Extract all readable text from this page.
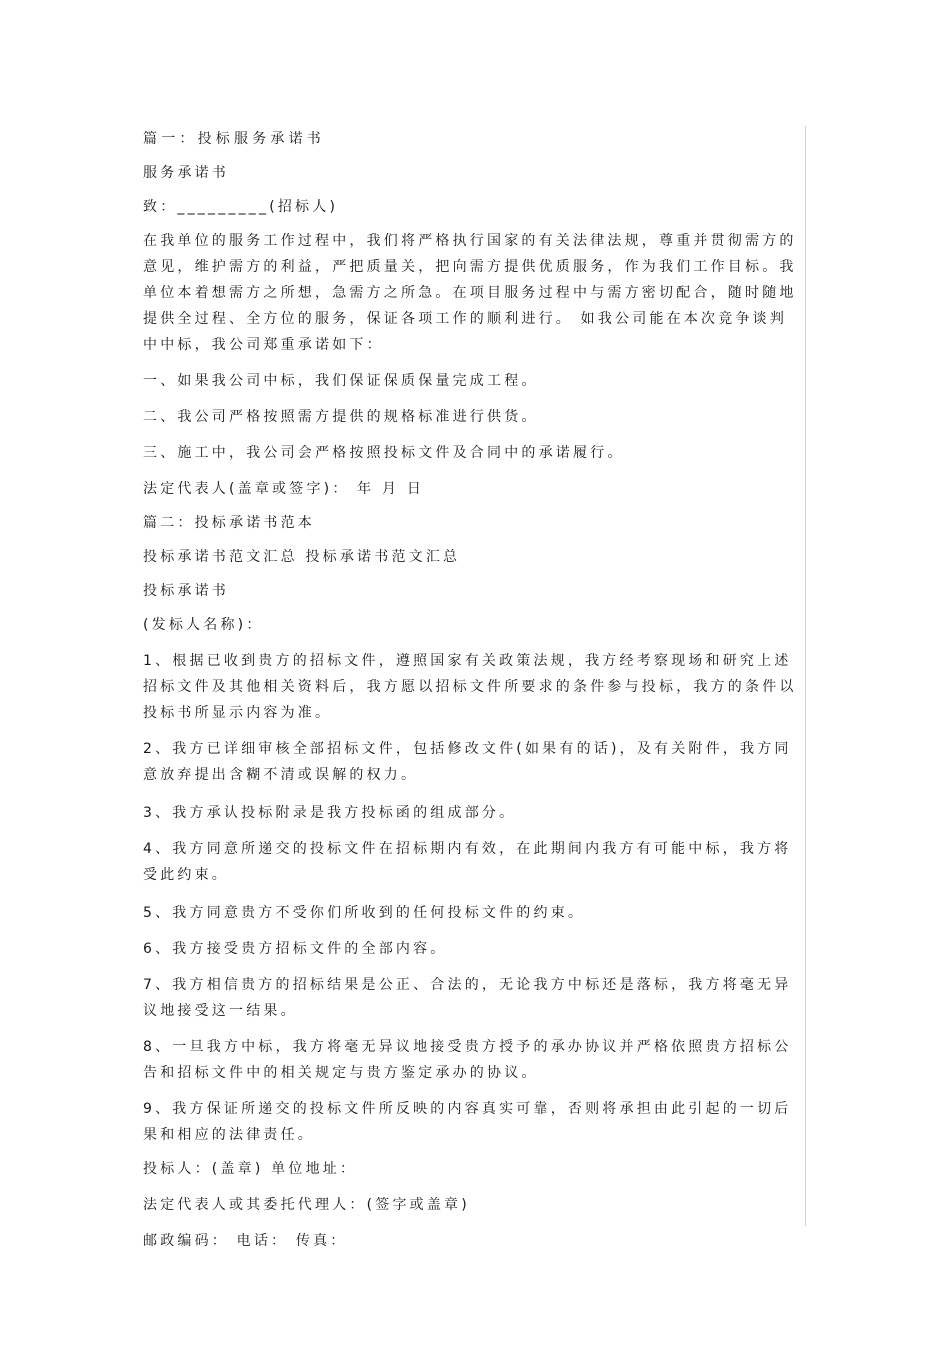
篇一：投标服务承诺书

服务承诺书

致：_________(招标人)

在我单位的服务工作过程中，我们将严格执行国家的有关法律法规，尊重并贯彻需方的意见，维护需方的利益，严把质量关，把向需方提供优质服务，作为我们工作目标。我单位本着想需方之所想，急需方之所急。在项目服务过程中与需方密切配合，随时随地提供全过程、全方位的服务，保证各项工作的顺利进行。 如我公司能在本次竞争谈判中中标，我公司郑重承诺如下：

一、如果我公司中标，我们保证保质保量完成工程。

二、我公司严格按照需方提供的规格标准进行供货。

三、施工中，我公司会严格按照投标文件及合同中的承诺履行。

法定代表人(盖章或签字)： 年 月 日

篇二：投标承诺书范本

投标承诺书范文汇总 投标承诺书范文汇总

投标承诺书

(发标人名称)：

1、根据已收到贵方的招标文件，遵照国家有关政策法规，我方经考察现场和研究上述招标文件及其他相关资料后，我方愿以招标文件所要求的条件参与投标，我方的条件以投标书所显示内容为准。

2、我方已详细审核全部招标文件，包括修改文件(如果有的话)，及有关附件，我方同意放弃提出含糊不清或误解的权力。

3、我方承认投标附录是我方投标函的组成部分。

4、我方同意所递交的投标文件在招标期内有效，在此期间内我方有可能中标，我方将受此约束。

5、我方同意贵方不受你们所收到的任何投标文件的约束。

6、我方接受贵方招标文件的全部内容。

7、我方相信贵方的招标结果是公正、合法的，无论我方中标还是落标，我方将毫无异议地接受这一结果。

8、一旦我方中标，我方将毫无异议地接受贵方授予的承办协议并严格依照贵方招标公告和招标文件中的相关规定与贵方鉴定承办的协议。

9、我方保证所递交的投标文件所反映的内容真实可靠，否则将承担由此引起的一切后果和相应的法律责任。

投标人：(盖章) 单位地址：

法定代表人或其委托代理人：(签字或盖章)

邮政编码： 电话： 传真：
